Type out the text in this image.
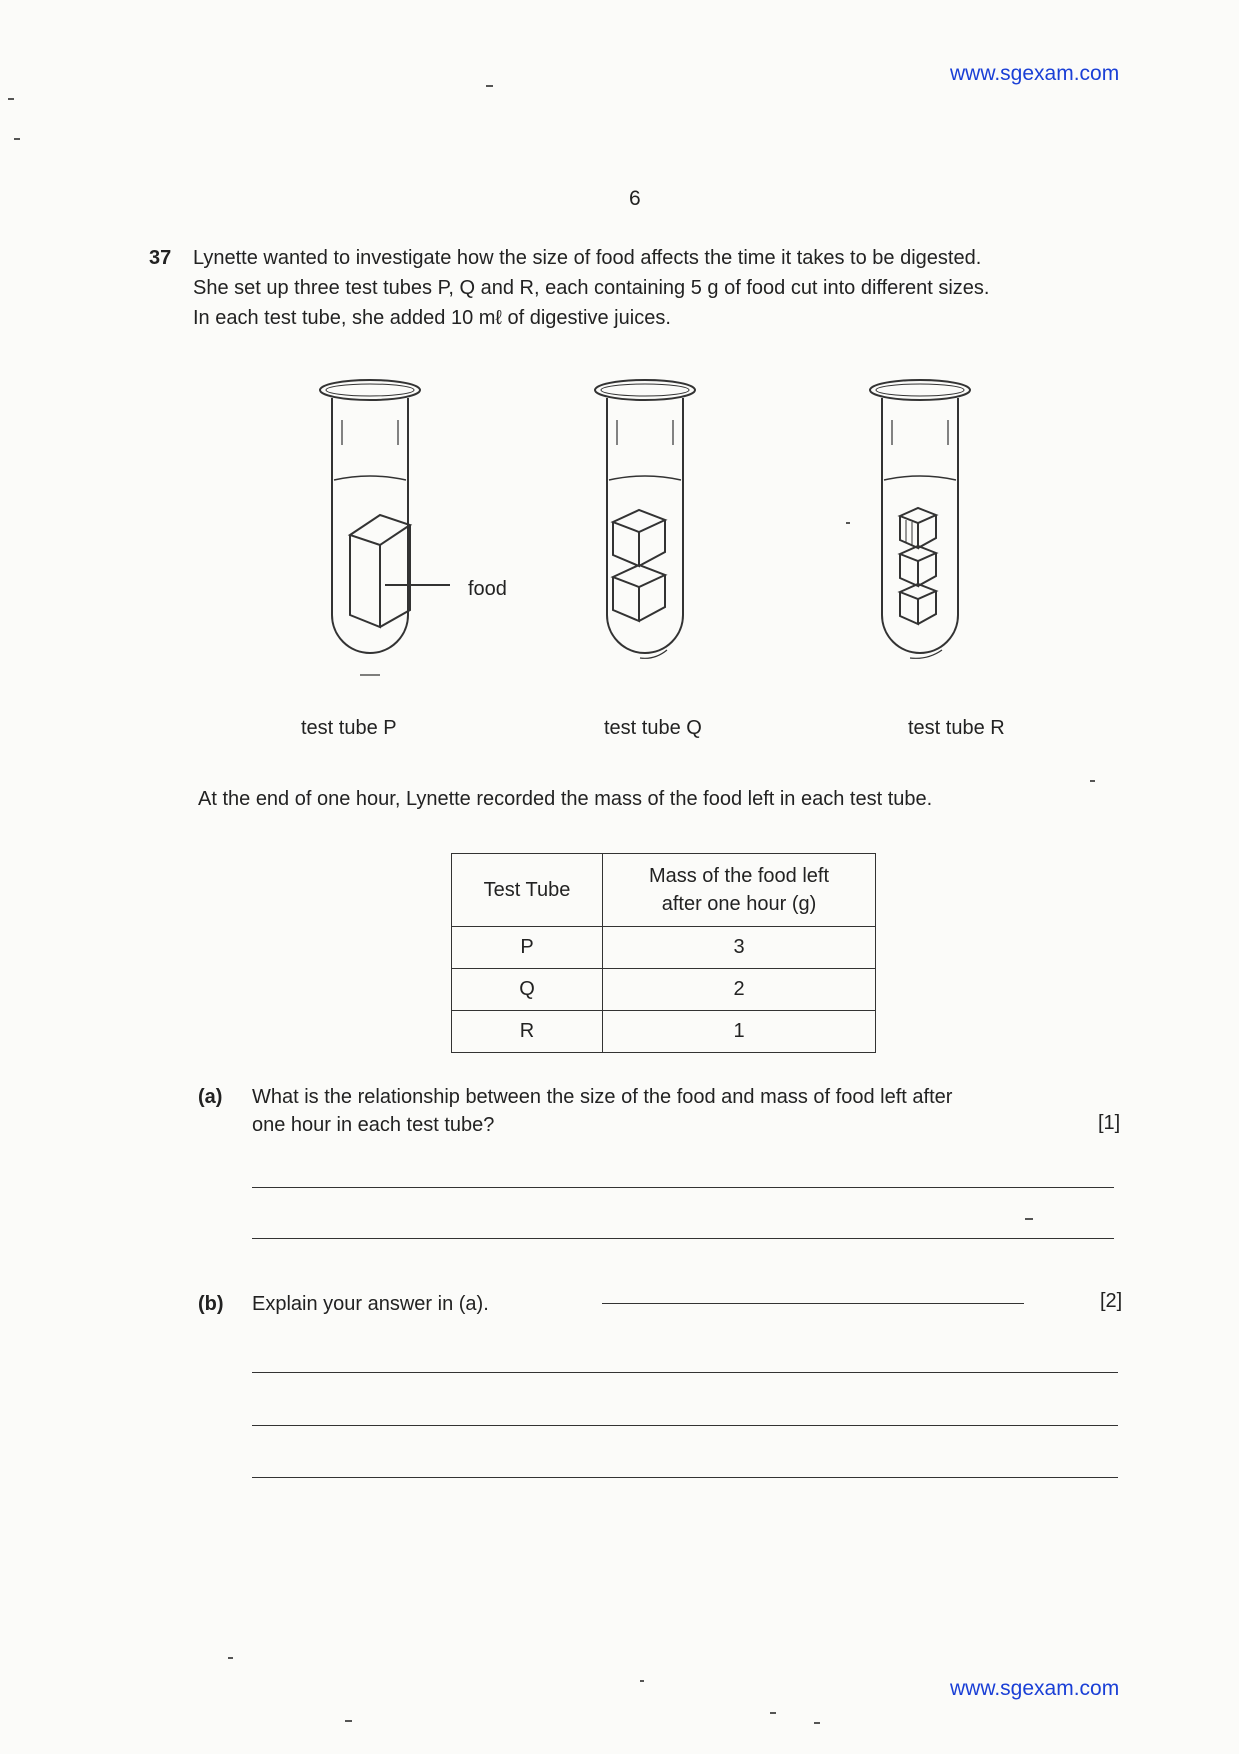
www.sgexam.com
6
37 Lynette wanted to investigate how the size of food affects the time it takes to be digested.
She set up three test tubes P, Q and R, each containing 5 g of food cut into different sizes.
In each test tube, she added 10 mℓ of digestive juices.
food
test tube P	test tube Q	test tube R
At the end of one hour, Lynette recorded the mass of the food left in each test tube.
Test Tube	Mass of the food left
after one hour (g)

P	3
Q	2
R	1
(a) What is the relationship between the size of the food and mass of food left after
one hour in each test tube?	[1]
(b) Explain your answer in (a).	[2]
www.sgexam.com
